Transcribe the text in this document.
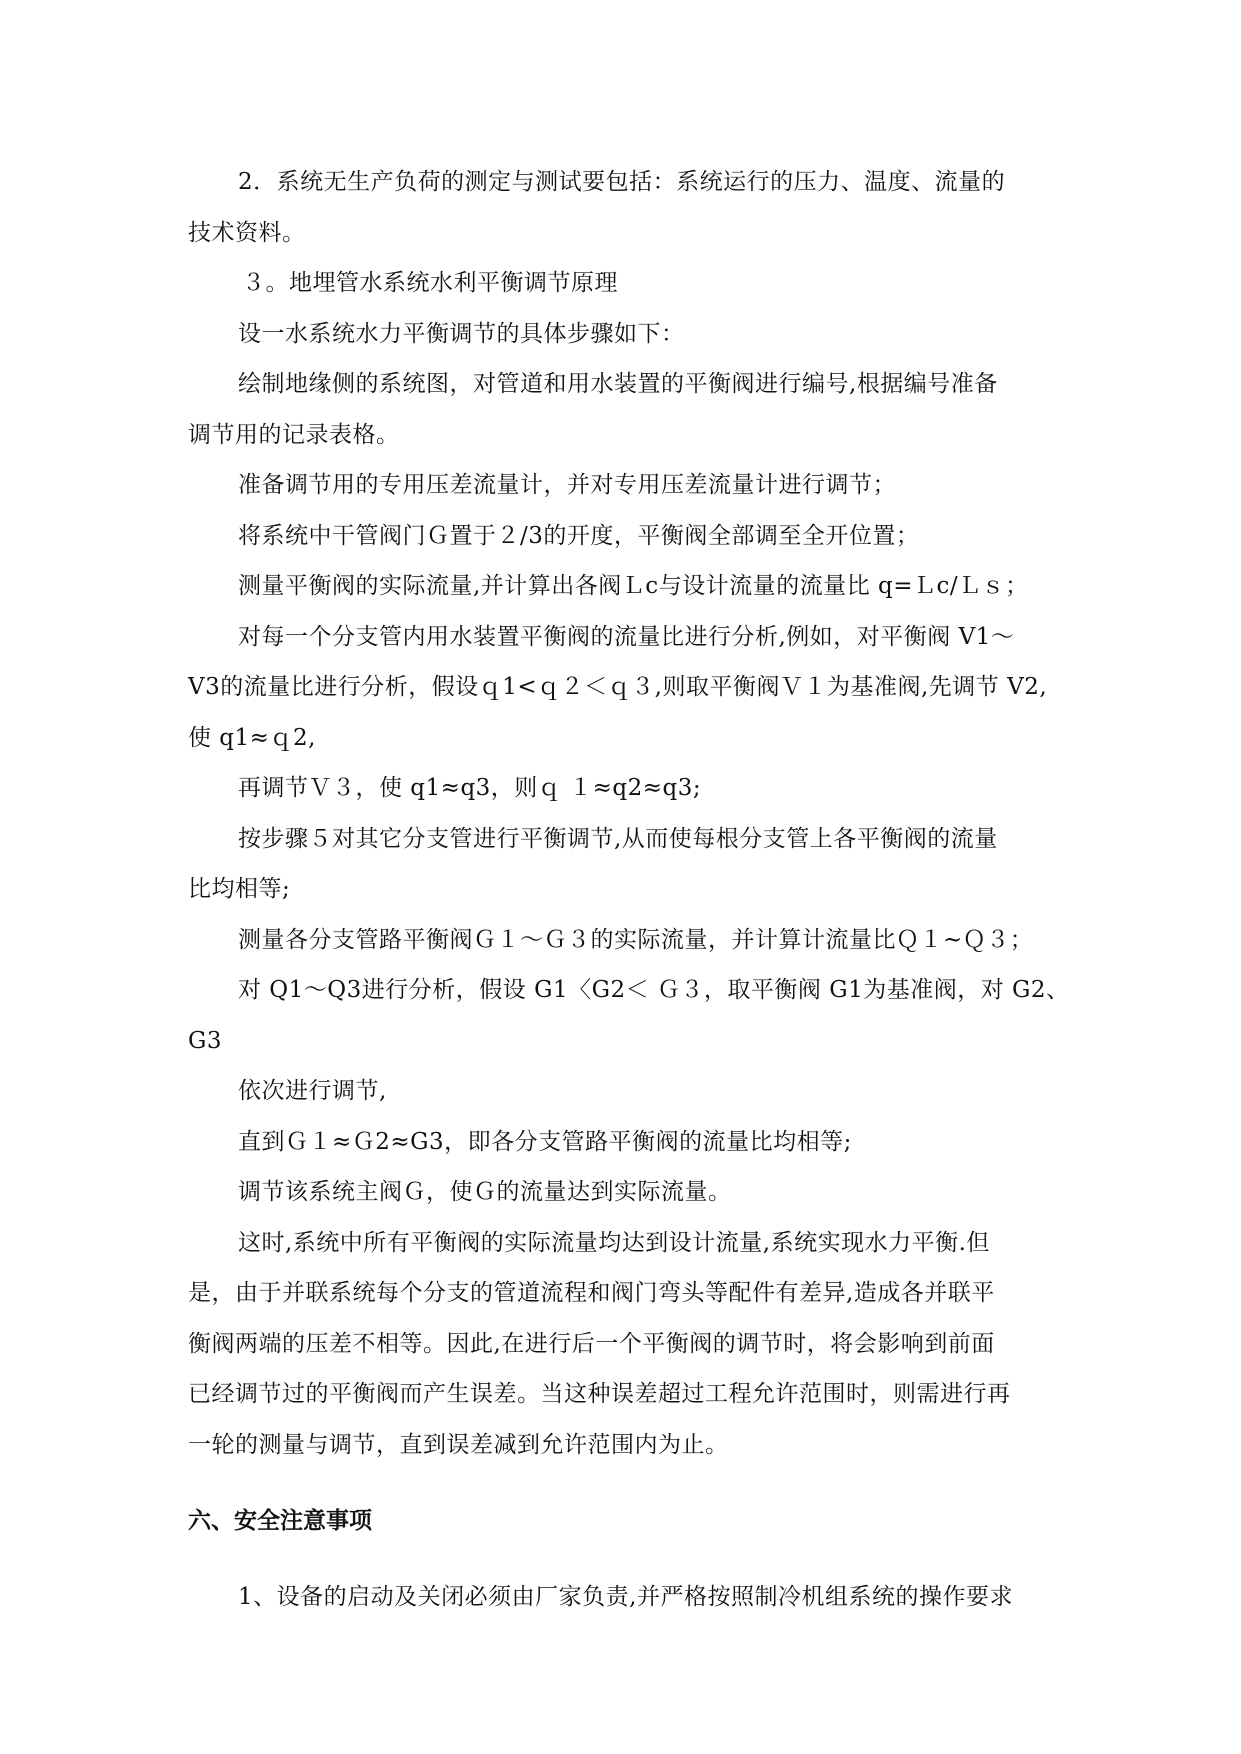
2．系统无生产负荷的测定与测试要包括：系统运行的压力、温度、流量的
技术资料。
３。地埋管水系统水利平衡调节原理
设一水系统水力平衡调节的具体步骤如下：
绘制地缘侧的系统图，对管道和用水装置的平衡阀进行编号,根据编号准备
调节用的记录表格。
准备调节用的专用压差流量计，并对专用压差流量计进行调节；
将系统中干管阀门Ｇ置于２/3的开度，平衡阀全部调至全开位置；
测量平衡阀的实际流量,并计算出各阀Ｌc与设计流量的流量比 q=Ｌc/Ｌｓ；
对每一个分支管内用水装置平衡阀的流量比进行分析,例如，对平衡阀 V1～
V3的流量比进行分析，假设ｑ1<ｑ２＜ｑ３,则取平衡阀Ｖ１为基准阀,先调节 V2,
使 q1≈ｑ2,
再调节Ｖ３，使 q1≈q3，则ｑ １≈q2≈q3;
按步骤５对其它分支管进行平衡调节,从而使每根分支管上各平衡阀的流量
比均相等;
测量各分支管路平衡阀Ｇ１～Ｇ３的实际流量，并计算计流量比Ｑ１~Ｑ３；
对 Q1～Q3进行分析，假设 G1〈G2＜ Ｇ３，取平衡阀 G1为基准阀，对 G2、
G3
依次进行调节,
直到Ｇ１≈Ｇ2≈G3，即各分支管路平衡阀的流量比均相等;
调节该系统主阀Ｇ，使Ｇ的流量达到实际流量。
这时,系统中所有平衡阀的实际流量均达到设计流量,系统实现水力平衡.但
是，由于并联系统每个分支的管道流程和阀门弯头等配件有差异,造成各并联平
衡阀两端的压差不相等。因此,在进行后一个平衡阀的调节时，将会影响到前面
已经调节过的平衡阀而产生误差。当这种误差超过工程允许范围时，则需进行再
一轮的测量与调节，直到误差减到允许范围内为止。
六、安全注意事项
1、设备的启动及关闭必须由厂家负责,并严格按照制冷机组系统的操作要求
